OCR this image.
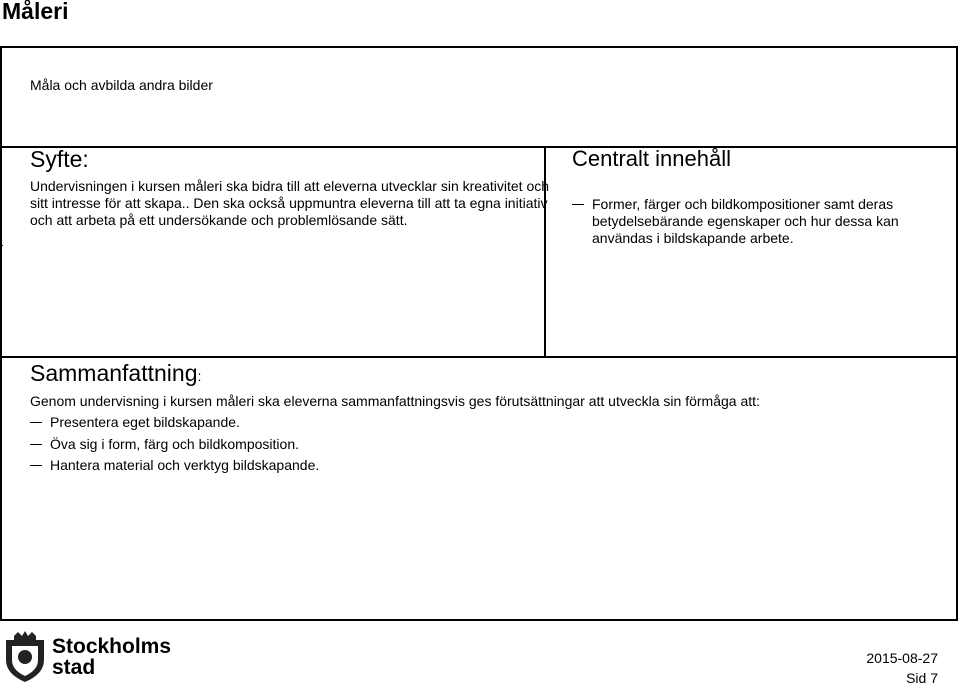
Måleri
Måla och avbilda andra bilder
Syfte:
Undervisningen i kursen måleri ska bidra till att eleverna utvecklar sin kreativitet och sitt intresse för att skapa.. Den ska också uppmuntra eleverna till att ta egna initiativ och att arbeta på ett undersökande och problemlösande sätt.
.
Centralt innehåll
Former, färger och bildkompositioner samt deras betydelsebärande egenskaper och hur dessa kan användas i bildskapande arbete.
Sammanfattning:
Genom undervisning i kursen måleri ska eleverna sammanfattningsvis ges förutsättningar att utveckla sin förmåga att:
Presentera eget bildskapande.
Öva sig i form, färg och bildkomposition.
Hantera material och verktyg bildskapande.
Stockholms
stad	2015-08-27
Sid 7
